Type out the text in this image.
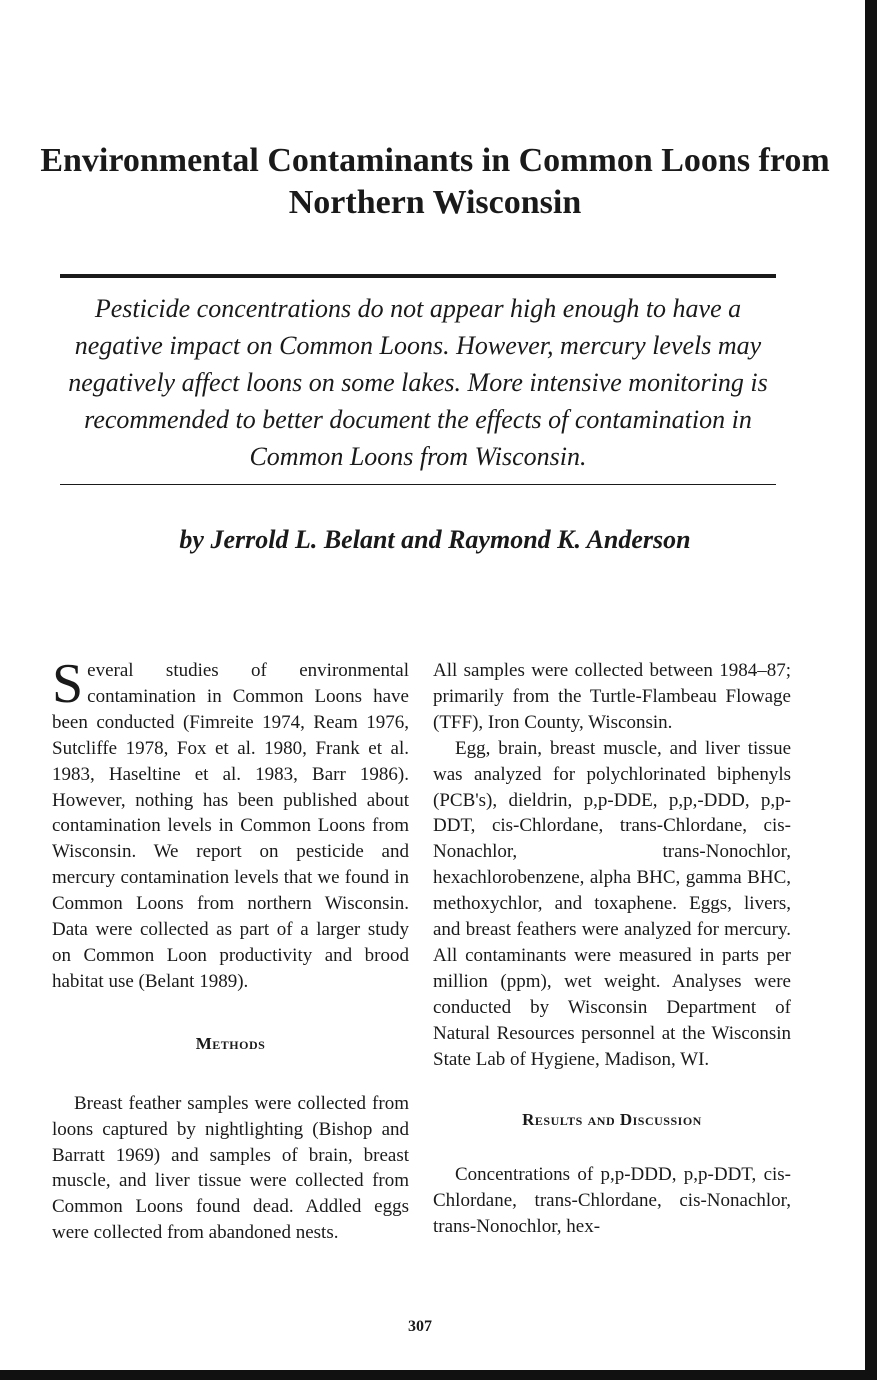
Environmental Contaminants in Common Loons from Northern Wisconsin

Pesticide concentrations do not appear high enough to have a negative impact on Common Loons. However, mercury levels may negatively affect loons on some lakes. More intensive monitoring is recommended to better document the effects of contamination in Common Loons from Wisconsin.

by Jerrold L. Belant and Raymond K. Anderson

Several studies of environmental contamination in Common Loons have been conducted (Fimreite 1974, Ream 1976, Sutcliffe 1978, Fox et al. 1980, Frank et al. 1983, Haseltine et al. 1983, Barr 1986). However, nothing has been published about contamination levels in Common Loons from Wisconsin. We report on pesticide and mercury contamination levels that we found in Common Loons from northern Wisconsin. Data were collected as part of a larger study on Common Loon productivity and brood habitat use (Belant 1989).

Methods

Breast feather samples were collected from loons captured by nightlighting (Bishop and Barratt 1969) and samples of brain, breast muscle, and liver tissue were collected from Common Loons found dead. Addled eggs were collected from abandoned nests.

All samples were collected between 1984–87; primarily from the Turtle-Flambeau Flowage (TFF), Iron County, Wisconsin.

Egg, brain, breast muscle, and liver tissue was analyzed for polychlorinated biphenyls (PCB's), dieldrin, p,p-DDE, p,p,-DDD, p,p-DDT, cis-Chlordane, trans-Chlordane, cis-Nonachlor, trans-Nonochlor, hexachlorobenzene, alpha BHC, gamma BHC, methoxychlor, and toxaphene. Eggs, livers, and breast feathers were analyzed for mercury. All contaminants were measured in parts per million (ppm), wet weight. Analyses were conducted by Wisconsin Department of Natural Resources personnel at the Wisconsin State Lab of Hygiene, Madison, WI.

Results and Discussion

Concentrations of p,p-DDD, p,p-DDT, cis-Chlordane, trans-Chlordane, cis-Nonachlor, trans-Nonochlor, hex-

307
